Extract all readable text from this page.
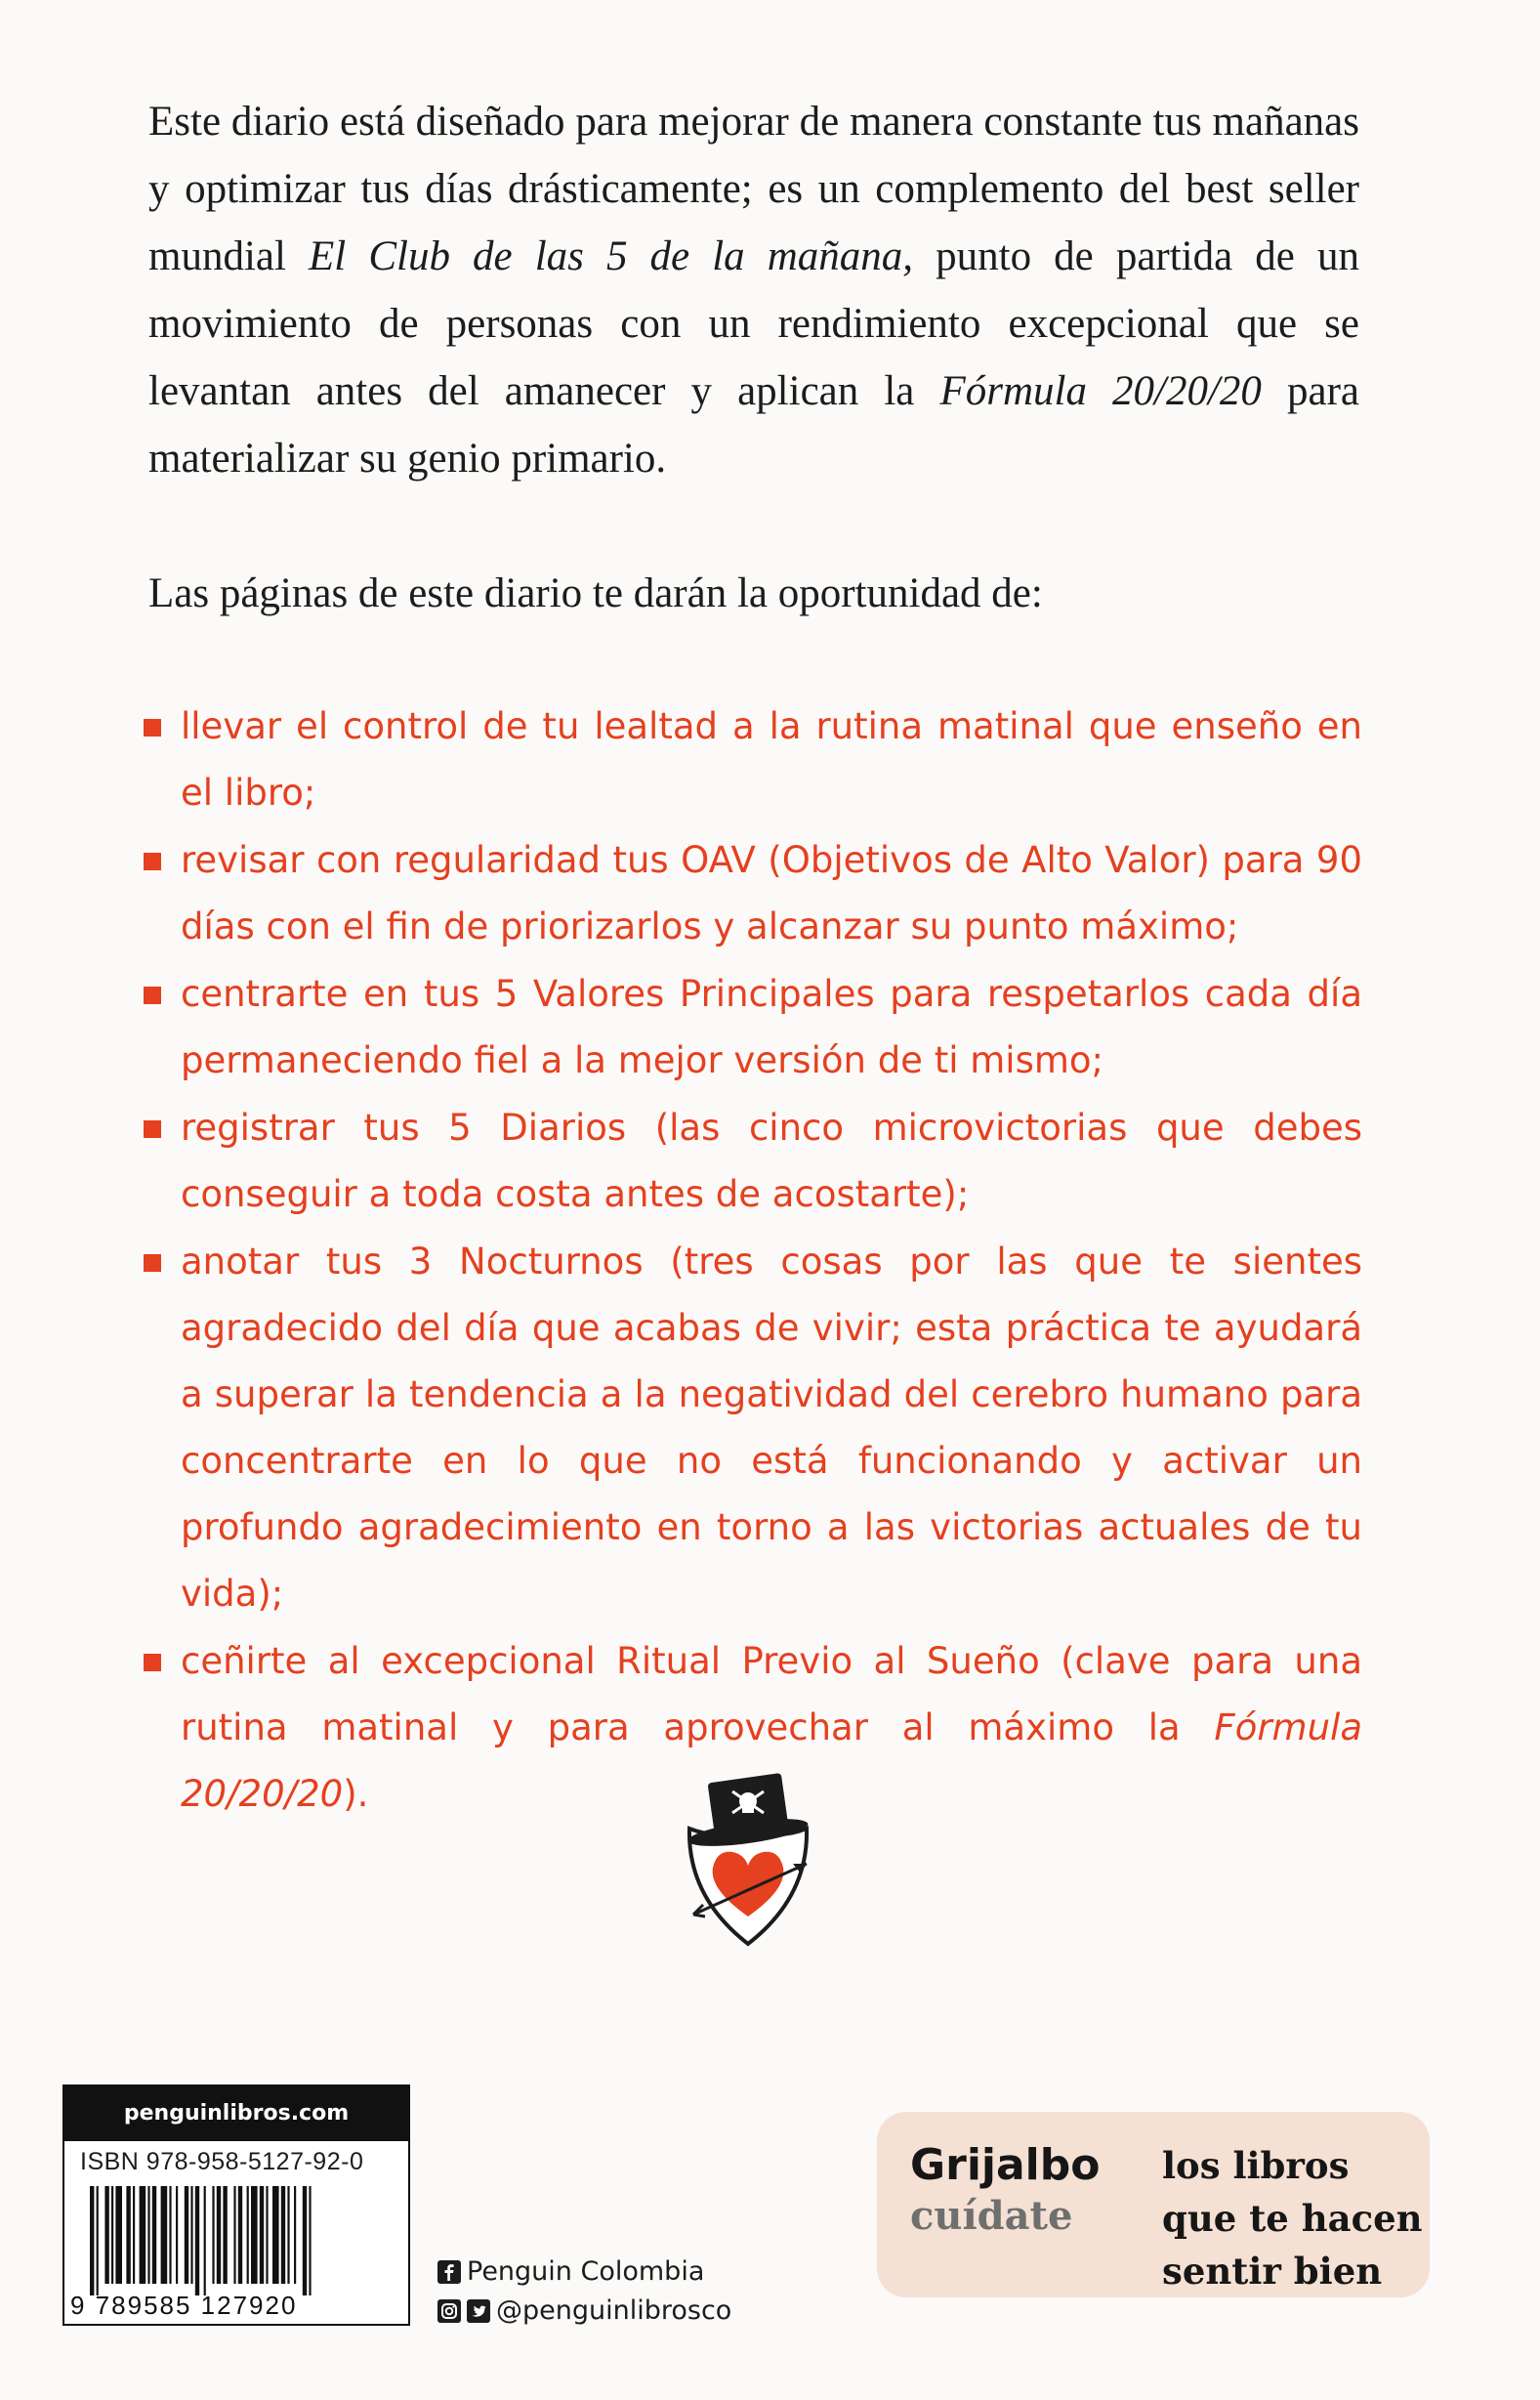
Este diario está diseñado para mejorar de manera constante tus mañanas y optimizar tus días drásticamente; es un complemento del best seller mundial El Club de las 5 de la mañana, punto de partida de un movimiento de personas con un rendimiento excepcional que se levantan antes del amanecer y aplican la Fórmula 20/20/20 para materializar su genio primario.

Las páginas de este diario te darán la oportunidad de:

llevar el control de tu lealtad a la rutina matinal que enseño en el libro;
revisar con regularidad tus OAV (Objetivos de Alto Valor) para 90 días con el fin de priorizarlos y alcanzar su punto máximo;
centrarte en tus 5 Valores Principales para respetarlos cada día permaneciendo fiel a la mejor versión de ti mismo;
registrar tus 5 Diarios (las cinco microvictorias que debes conseguir a toda costa antes de acostarte);
anotar tus 3 Nocturnos (tres cosas por las que te sientes agradecido del día que acabas de vivir; esta práctica te ayudará a superar la tendencia a la negatividad del cerebro humano para concentrarte en lo que no está funcionando y activar un profundo agradecimiento en torno a las victorias actuales de tu vida);
ceñirte al excepcional Ritual Previo al Sueño (clave para una rutina matinal y para aprovechar al máximo la Fórmula 20/20/20).
penguinlibros.com
ISBN 978-958-5127-92-0
9 789585 127920
Penguin Colombia
@penguinlibrosco
Grijalbo
cuídate
los libros
que te hacen
sentir bien
